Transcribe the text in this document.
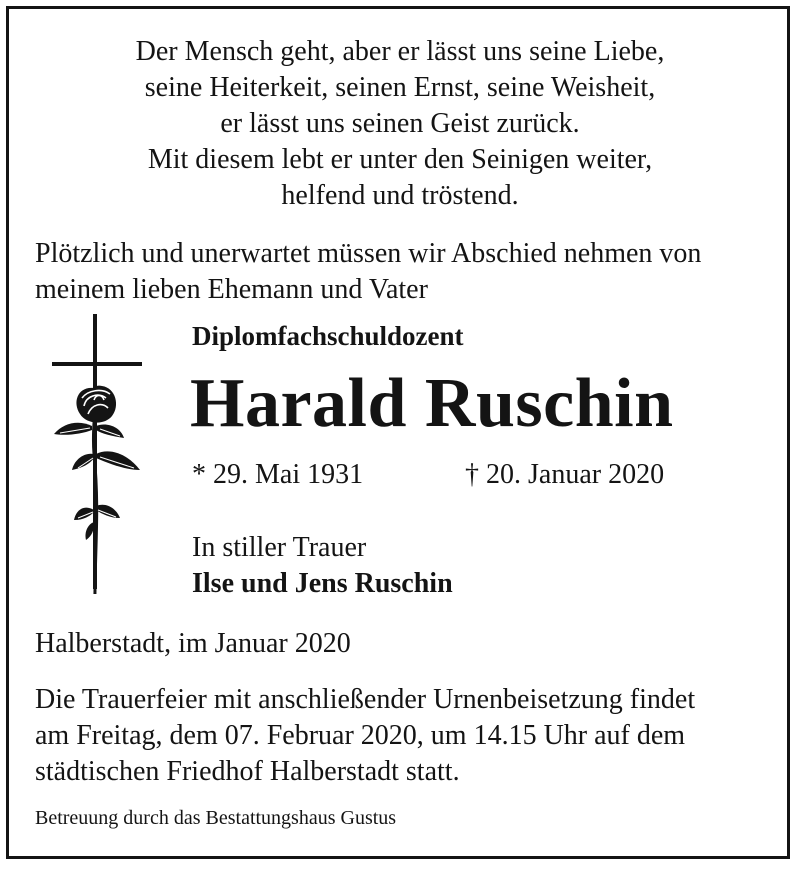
Der Mensch geht, aber er lässt uns seine Liebe,
seine Heiterkeit, seinen Ernst, seine Weisheit,
er lässt uns seinen Geist zurück.
Mit diesem lebt er unter den Seinigen weiter,
helfend und tröstend.
Plötzlich und unerwartet müssen wir Abschied nehmen von
meinem lieben Ehemann und Vater
Diplomfachschuldozent
Harald Ruschin
* 29. Mai 1931	† 20. Januar 2020
In stiller Trauer
Ilse und Jens Ruschin
Halberstadt, im Januar 2020
Die Trauerfeier mit anschließender Urnenbeisetzung findet
am Freitag, dem 07. Februar 2020, um 14.15 Uhr auf dem
städtischen Friedhof Halberstadt statt.
Betreuung durch das Bestattungshaus Gustus
